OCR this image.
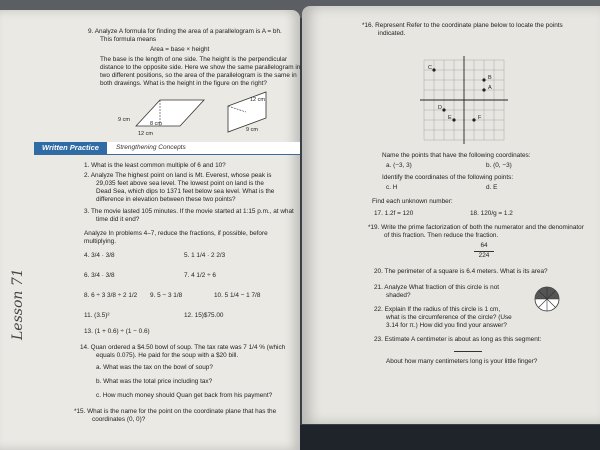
9. Analyze A formula for finding the area of a parallelogram is A = bh.
This formula means
Area = base × height
The base is the length of one side. The height is the perpendicular
distance to the opposite side. Here we show the same parallelogram in
two different positions, so the area of the parallelogram is the same in
both drawings. What is the height in the figure on the right?
9 cm
8 cm
12 cm
12 cm
9 cm
Written Practice	Strengthening Concepts
1. What is the least common multiple of 6 and 10?
2. Analyze The highest point on land is Mt. Everest, whose peak is
29,035 feet above sea level. The lowest point on land is the
Dead Sea, which dips to 1371 feet below sea level. What is the
difference in elevation between these two points?
3. The movie lasted 105 minutes. If the movie started at 1:15 p.m., at what
time did it end?
Analyze In problems 4–7, reduce the fractions, if possible, before
multiplying.
4. 3/4 · 3/8	5. 1 1/4 · 2 2/3
6. 3/4 · 3/8	7. 4 1/2 ÷ 6
8. 6 ÷ 3 3/8 ÷ 2 1/2 9. 5 − 3 1/8	10. 5 1/4 − 1 7/8
11. (3.5)²	12. 15)$75.00
13. (1 + 0.6) ÷ (1 − 0.6)
14. Quan ordered a $4.50 bowl of soup. The tax rate was 7 1/4 % (which
equals 0.075). He paid for the soup with a $20 bill.
a. What was the tax on the bowl of soup?
b. What was the total price including tax?
c. How much money should Quan get back from his payment?
*15. What is the name for the point on the coordinate plane that has the
coordinates (0, 0)?
Lesson 71
*16. Represent Refer to the coordinate plane below to locate the points
indicated.
C
B
A
D
E	F
Name the points that have the following coordinates:
a. (−3, 3)	b. (0, −3)
Identify the coordinates of the following points:
c. H	d. E
Find each unknown number:
17. 1.2f = 120	18. 120/g = 1.2
*19. Write the prime factorization of both the numerator and the denominator
of this fraction. Then reduce the fraction.
64
224
20. The perimeter of a square is 6.4 meters. What is its area?
21. Analyze What fraction of this circle is not
shaded?
22. Explain If the radius of this circle is 1 cm,
what is the circumference of the circle? (Use
3.14 for π.) How did you find your answer?
23. Estimate A centimeter is about as long as this segment:
About how many centimeters long is your little finger?
